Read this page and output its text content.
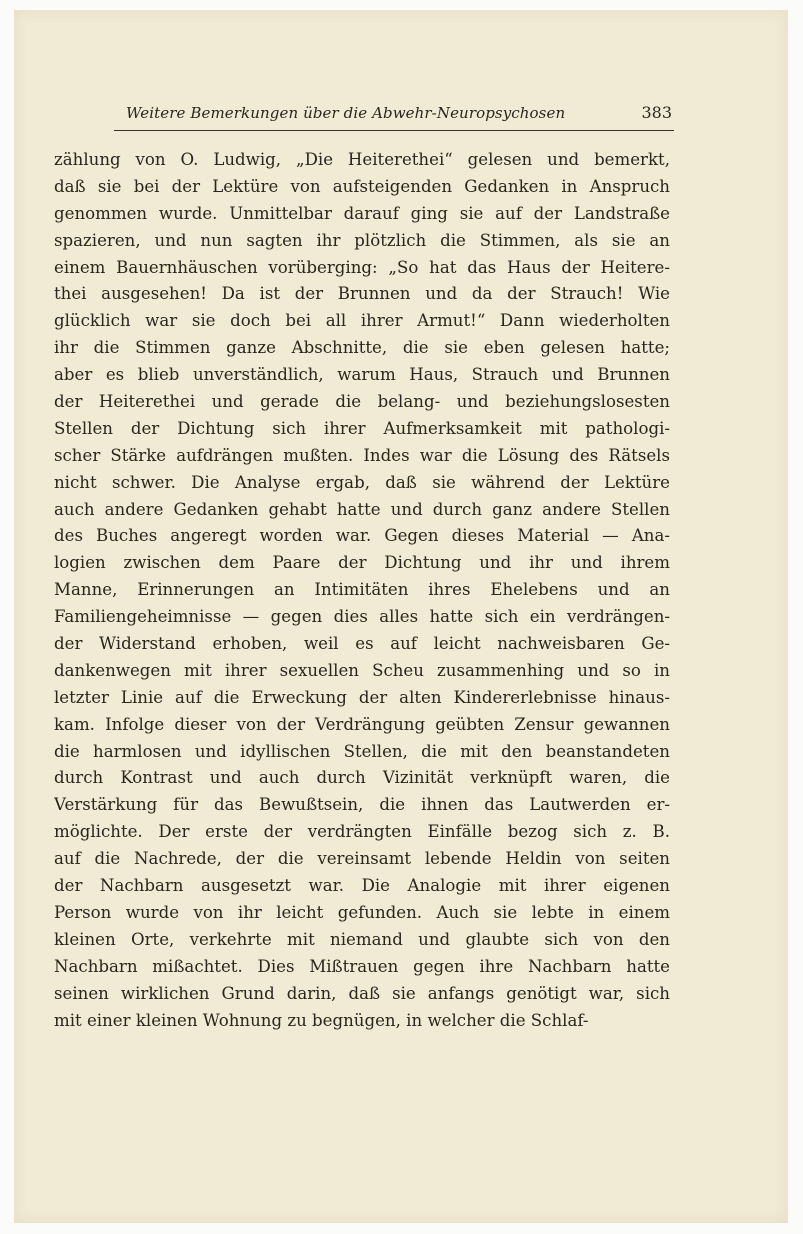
Weitere Bemerkungen über die Abwehr-Neuropsychosen	383
zählung von O. Ludwig, „Die Heiterethei“ gelesen und bemerkt,
daß sie bei der Lektüre von aufsteigenden Gedanken in Anspruch
genommen wurde. Unmittelbar darauf ging sie auf der Landstraße
spazieren, und nun sagten ihr plötzlich die Stimmen, als sie an
einem Bauernhäuschen vorüberging: „So hat das Haus der Heitere-
thei ausgesehen! Da ist der Brunnen und da der Strauch! Wie
glücklich war sie doch bei all ihrer Armut!“ Dann wiederholten
ihr die Stimmen ganze Abschnitte, die sie eben gelesen hatte;
aber es blieb unverständlich, warum Haus, Strauch und Brunnen
der Heiterethei und gerade die belang- und beziehungslosesten
Stellen der Dichtung sich ihrer Aufmerksamkeit mit pathologi-
scher Stärke aufdrängen mußten. Indes war die Lösung des Rätsels
nicht schwer. Die Analyse ergab, daß sie während der Lektüre
auch andere Gedanken gehabt hatte und durch ganz andere Stellen
des Buches angeregt worden war. Gegen dieses Material — Ana-
logien zwischen dem Paare der Dichtung und ihr und ihrem
Manne, Erinnerungen an Intimitäten ihres Ehelebens und an
Familiengeheimnisse — gegen dies alles hatte sich ein verdrängen-
der Widerstand erhoben, weil es auf leicht nachweisbaren Ge-
dankenwegen mit ihrer sexuellen Scheu zusammenhing und so in
letzter Linie auf die Erweckung der alten Kindererlebnisse hinaus-
kam. Infolge dieser von der Verdrängung geübten Zensur gewannen
die harmlosen und idyllischen Stellen, die mit den beanstandeten
durch Kontrast und auch durch Vizinität verknüpft waren, die
Verstärkung für das Bewußtsein, die ihnen das Lautwerden er-
möglichte. Der erste der verdrängten Einfälle bezog sich z. B.
auf die Nachrede, der die vereinsamt lebende Heldin von seiten
der Nachbarn ausgesetzt war. Die Analogie mit ihrer eigenen
Person wurde von ihr leicht gefunden. Auch sie lebte in einem
kleinen Orte, verkehrte mit niemand und glaubte sich von den
Nachbarn mißachtet. Dies Mißtrauen gegen ihre Nachbarn hatte
seinen wirklichen Grund darin, daß sie anfangs genötigt war, sich
mit einer kleinen Wohnung zu begnügen, in welcher die Schlaf-
